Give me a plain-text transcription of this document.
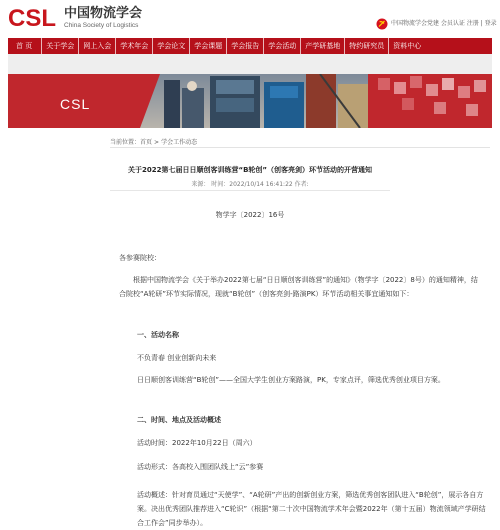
CSL 中国物流学会
China Society of Logistics	中国物流学会党建 会员认证 注册 | 登录
首 页	关于学会	网上入会	学术年会	学会论文	学会课题	学会报告	学会活动	产学研基地	特约研究员	资料中心
CSL
当前位置：首页 > 学会工作动态
关于2022第七届日日顺创客训练营“B轮创”（创客亮剑）环节活动的开营通知
来源： 时间：2022/10/14 16:41:22 作者:
物学字〔2022〕16号
各参赛院校：
根据中国物流学会《关于举办2022第七届“日日顺创客训练营”的通知》（物学字〔2022〕8号）的通知精神，结合院校“A轮研”环节实际情况，现就“B轮创”（创客亮剑-路演PK）环节活动相关事宜通知如下：
一、活动名称
不负青春 创业创新向未来
日日顺创客训练营“B轮创”——全国大学生创业方案路演，PK，专家点评，筛选优秀创业项目方案。
二、时间、地点及活动概述
活动时间：2022年10月22日（周六）
活动形式：各高校入围团队线上“云”参赛
活动概述：针对育员通过“天使学”、“A轮研”产出的创新创业方案，筛选优秀创客团队进入“B轮创”，展示各自方案。决出优秀团队推荐进入“C轮识”（根据“第二十次中国物流学术年会暨2022年（第十五届）物流领域产学研结合工作会”同步举办）。
